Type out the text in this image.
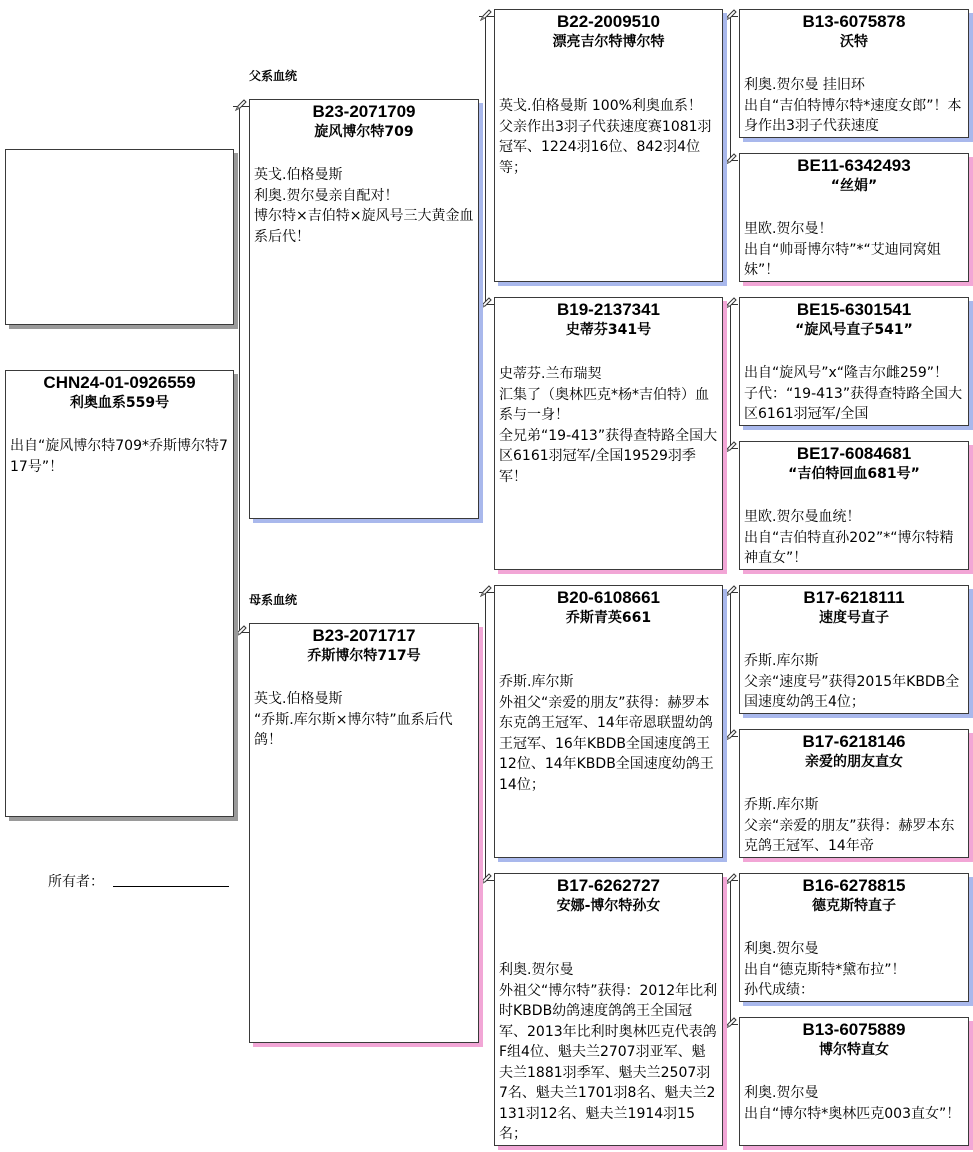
CHN24-01-0926559
利奥血系559号
出自“旋风博尔特709*乔斯博尔特717号”！
父系血统
母系血统
B23-2071709
旋风博尔特709
英戈.伯格曼斯
利奥.贺尔曼亲自配对！
博尔特×吉伯特×旋风号三大黄金血系后代！
B23-2071717
乔斯博尔特717号
英戈.伯格曼斯
“乔斯.库尔斯×博尔特”血系后代鸽！
B22-2009510
漂亮吉尔特博尔特
英戈.伯格曼斯 100%利奥血系！
父亲作出3羽子代获速度赛1081羽冠军、1224羽16位、842羽4位等；
B19-2137341
史蒂芬341号
史蒂芬.兰布瑞契
汇集了（奥林匹克*杨*吉伯特）血系与一身！
全兄弟“19-413”获得查特路全国大区6161羽冠军/全国19529羽季军！
B20-6108661
乔斯青英661
乔斯.库尔斯
外祖父“亲爱的朋友”获得：赫罗本东克鸽王冠军、14年帝恩联盟幼鸽王冠军、16年KBDB全国速度鸽王12位、14年KBDB全国速度幼鸽王14位；
B17-6262727
安娜-博尔特孙女
利奥.贺尔曼
外祖父“博尔特”获得：2012年比利时KBDB幼鸽速度鸽鸽王全国冠军、2013年比利时奥林匹克代表鸽F组4位、魁夫兰2707羽亚军、魁夫兰1881羽季军、魁夫兰2507羽7名、魁夫兰1701羽8名、魁夫兰2131羽12名、魁夫兰1914羽15名；
B13-6075878
沃特
利奥.贺尔曼 挂旧环
出自“吉伯特博尔特*速度女郎”！本身作出3羽子代获速度
BE11-6342493
“丝娟”
里欧.贺尔曼！
出自“帅哥博尔特”*“艾迪同窝姐妹”！
BE15-6301541
“旋风号直子541”
出自“旋风号”x“隆吉尔雌259”！ 子代：“19-413”获得查特路全国大区6161羽冠军/全国
BE17-6084681
“吉伯特回血681号”
里欧.贺尔曼血统！
出自“吉伯特直孙202”*“博尔特精神直女”！
B17-6218111
速度号直子
乔斯.库尔斯
父亲“速度号”获得2015年KBDB全国速度幼鸽王4位；
B17-6218146
亲爱的朋友直女
乔斯.库尔斯
父亲“亲爱的朋友”获得：赫罗本东克鸽王冠军、14年帝
B16-6278815
德克斯特直子
利奥.贺尔曼
出自“德克斯特*黛布拉”！
孙代成绩：
B13-6075889
博尔特直女
利奥.贺尔曼
出自“博尔特*奥林匹克003直女”！
所有者：
